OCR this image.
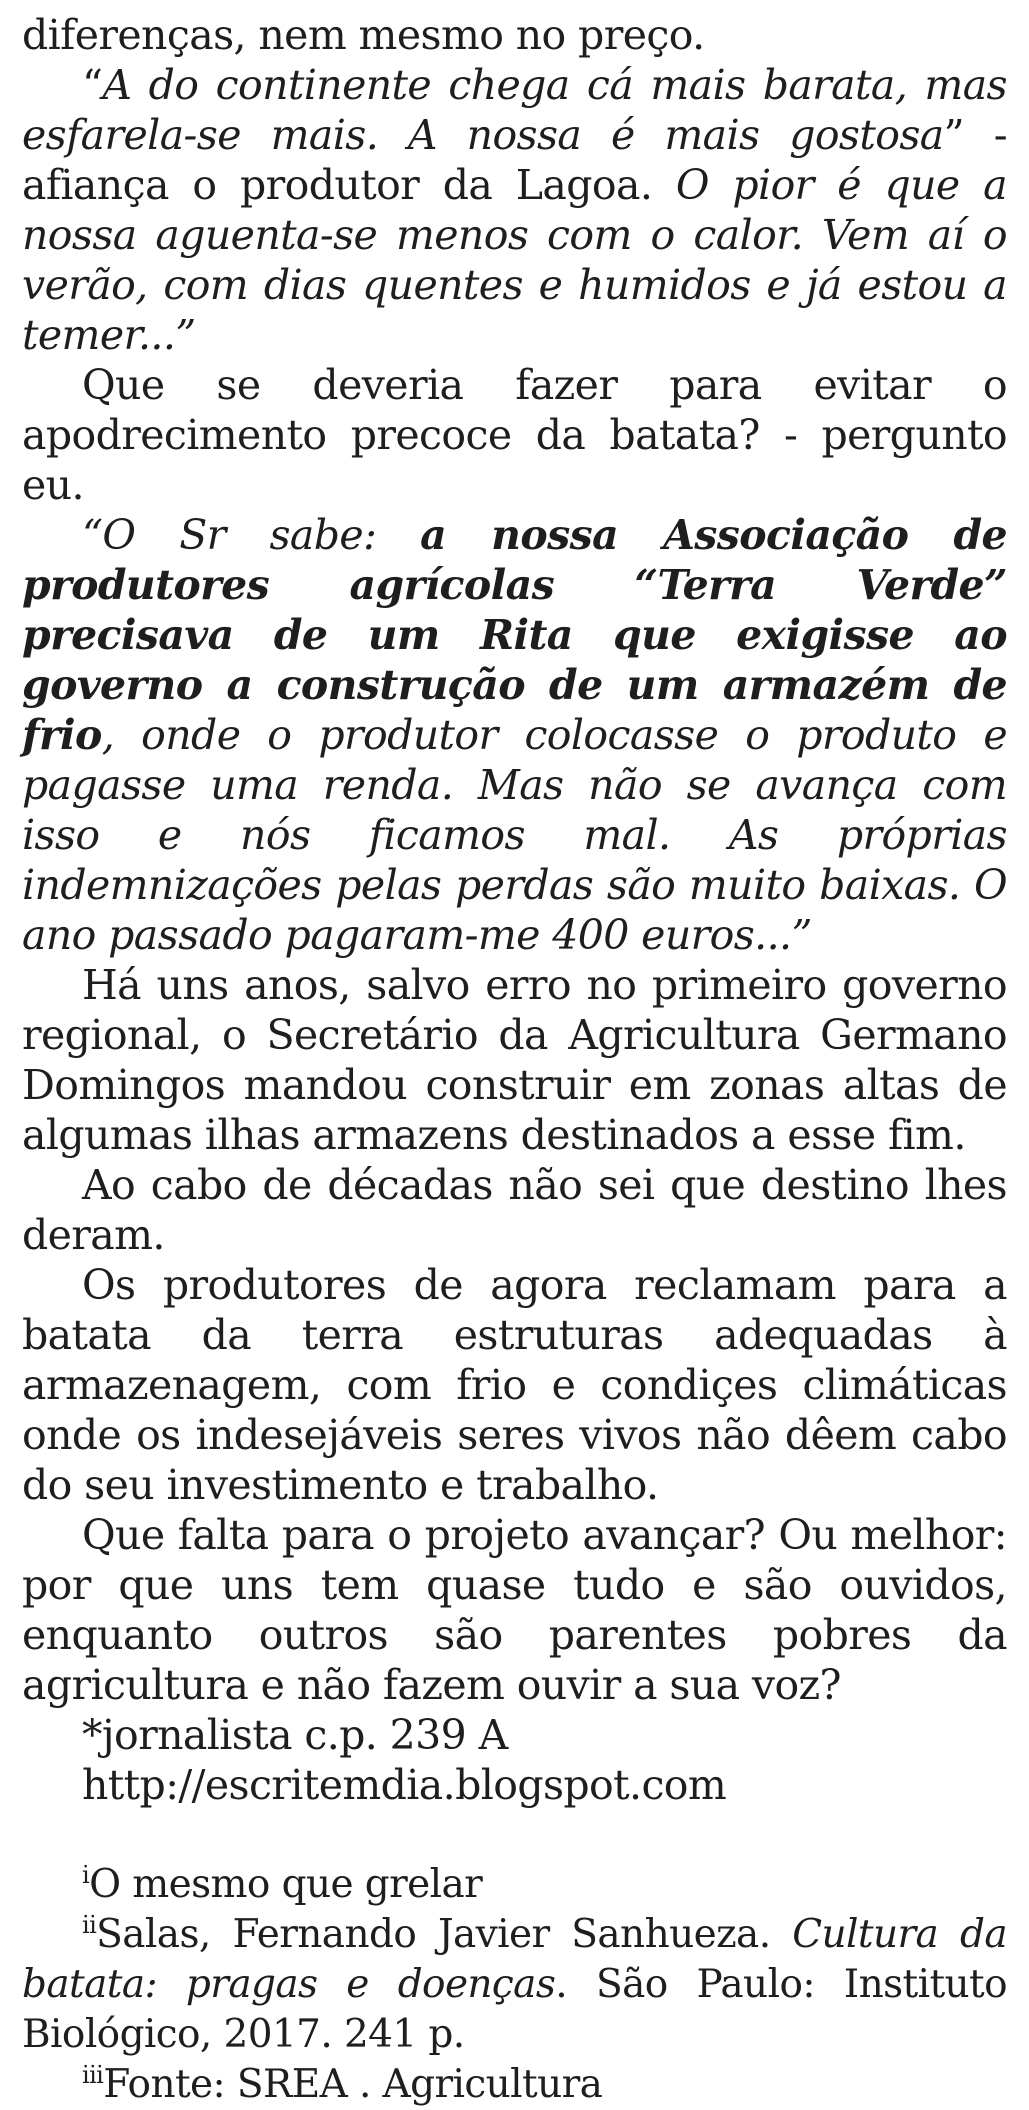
diferenças, nem mesmo no preço.

“A do continente chega cá mais barata, mas esfarela-se mais. A nossa é mais gostosa” - afiança o produtor da Lagoa. O pior é que a nossa aguenta-se menos com o calor. Vem aí o verão, com dias quentes e humidos e já estou a temer...”

Que se deveria fazer para evitar o apodrecimento precoce da batata? - pergunto eu.

“O Sr sabe: a nossa Associação de produtores agrícolas “Terra Verde” precisava de um Rita que exigisse ao governo a construção de um armazém de frio, onde o produtor colocasse o produto e pagasse uma renda. Mas não se avança com isso e nós ficamos mal. As próprias indemnizações pelas perdas são muito baixas. O ano passado pagaram-me 400 euros...”

Há uns anos, salvo erro no primeiro governo regional, o Secretário da Agricultura Germano Domingos mandou construir em zonas altas de algumas ilhas armazens destinados a esse fim.

Ao cabo de décadas não sei que destino lhes deram.

Os produtores de agora reclamam para a batata da terra estruturas adequadas à armazenagem, com frio e condiçes climáticas onde os indesejáveis seres vivos não dêem cabo do seu investimento e trabalho.

Que falta para o projeto avançar? Ou melhor: por que uns tem quase tudo e são ouvidos, enquanto outros são parentes pobres da agricultura e não fazem ouvir a sua voz?

*jornalista c.p. 239 A

http://escritemdia.blogspot.com

$^i$O mesmo que grelar

$^{ii}$Salas, Fernando Javier Sanhueza. Cultura da batata: pragas e doenças. São Paulo: Instituto Biológico, 2017. 241 p.

$^{iii}$Fonte: SREA . Agricultura
